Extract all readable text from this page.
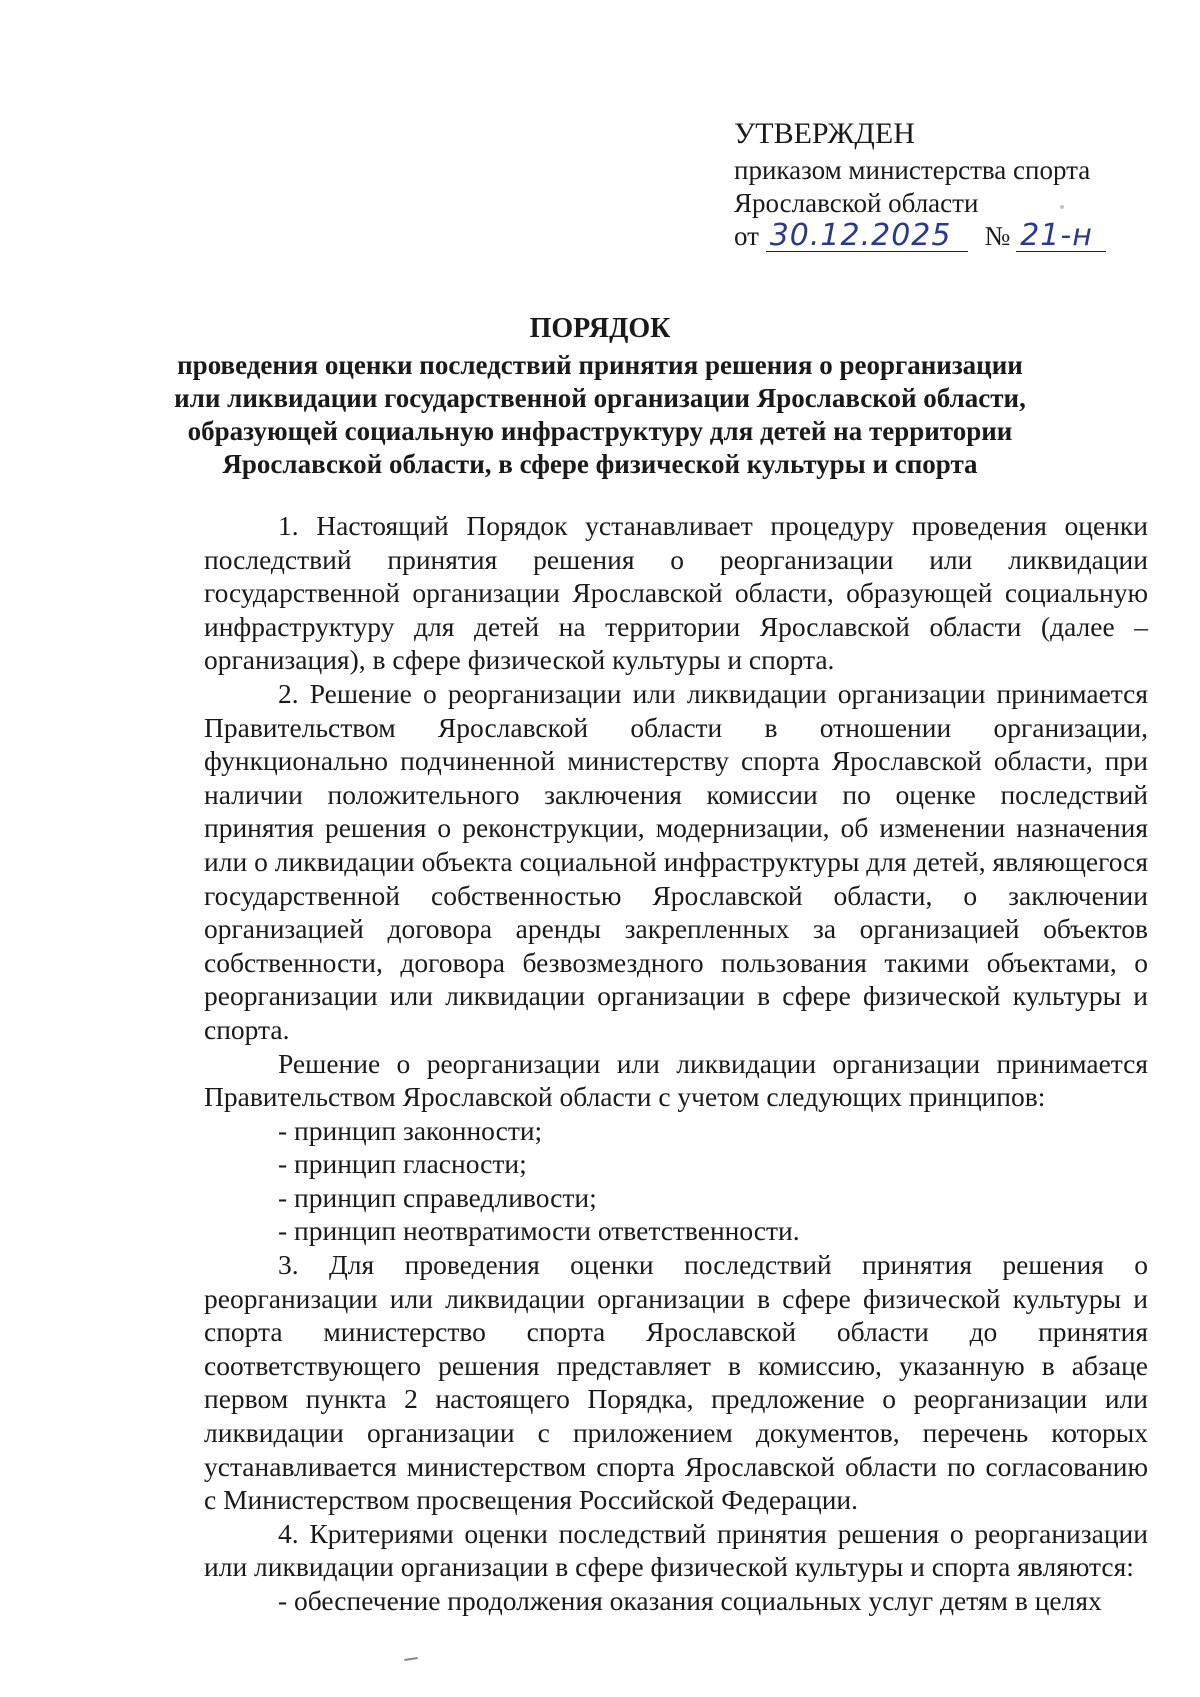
УТВЕРЖДЕН
приказом министерства спорта
Ярославской области
от 30.12.2025 № 21-н
ПОРЯДОК
проведения оценки последствий принятия решения о реорганизации
или ликвидации государственной организации Ярославской области,
образующей социальную инфраструктуру для детей на территории
Ярославской области, в сфере физической культуры и спорта

1. Настоящий Порядок устанавливает процедуру проведения оценки последствий принятия решения о реорганизации или ликвидации государственной организации Ярославской области, образующей социальную инфраструктуру для детей на территории Ярославской области (далее – организация), в сфере физической культуры и спорта.

2. Решение о реорганизации или ликвидации организации принимается Правительством Ярославской области в отношении организации, функционально подчиненной министерству спорта Ярославской области, при наличии положительного заключения комиссии по оценке последствий принятия решения о реконструкции, модернизации, об изменении назначения или о ликвидации объекта социальной инфраструктуры для детей, являющегося государственной собственностью Ярославской области, о заключении организацией договора аренды закрепленных за организацией объектов собственности, договора безвозмездного пользования такими объектами, о реорганизации или ликвидации организации в сфере физической культуры и спорта.

Решение о реорганизации или ликвидации организации принимается Правительством Ярославской области с учетом следующих принципов:

- принцип законности;

- принцип гласности;

- принцип справедливости;

- принцип неотвратимости ответственности.

3. Для проведения оценки последствий принятия решения о реорганизации или ликвидации организации в сфере физической культуры и спорта министерство спорта Ярославской области до принятия соответствующего решения представляет в комиссию, указанную в абзаце первом пункта 2 настоящего Порядка, предложение о реорганизации или ликвидации организации с приложением документов, перечень которых устанавливается министерством спорта Ярославской области по согласованию с Министерством просвещения Российской Федерации.

4. Критериями оценки последствий принятия решения о реорганизации или ликвидации организации в сфере физической культуры и спорта являются:

- обеспечение продолжения оказания социальных услуг детям в целях
